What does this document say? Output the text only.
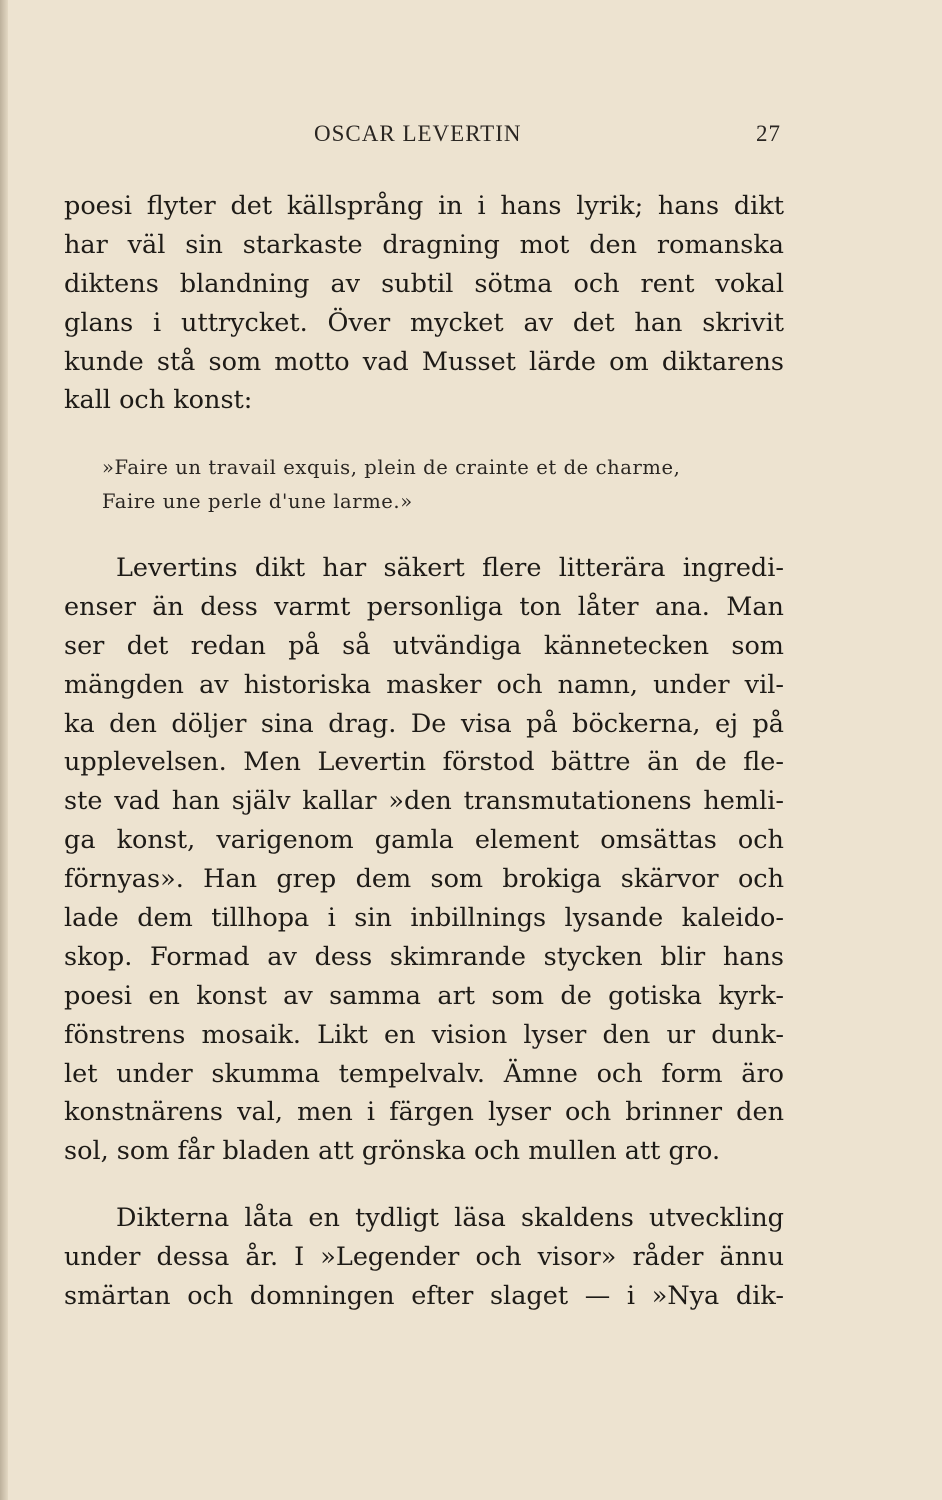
OSCAR LEVERTIN	27
poesi flyter det källsprång in i hans lyrik; hans dikt
har väl sin starkaste dragning mot den romanska
diktens blandning av subtil sötma och rent vokal
glans i uttrycket. Över mycket av det han skrivit
kunde stå som motto vad Musset lärde om diktarens
kall och konst:
»Faire un travail exquis, plein de crainte et de charme,
Faire une perle d'une larme.»
Levertins dikt har säkert flere litterära ingredi-
enser än dess varmt personliga ton låter ana. Man
ser det redan på så utvändiga kännetecken som
mängden av historiska masker och namn, under vil-
ka den döljer sina drag. De visa på böckerna, ej på
upplevelsen. Men Levertin förstod bättre än de fle-
ste vad han själv kallar »den transmutationens hemli-
ga konst, varigenom gamla element omsättas och
förnyas». Han grep dem som brokiga skärvor och
lade dem tillhopa i sin inbillnings lysande kaleido-
skop. Formad av dess skimrande stycken blir hans
poesi en konst av samma art som de gotiska kyrk-
fönstrens mosaik. Likt en vision lyser den ur dunk-
let under skumma tempelvalv. Ämne och form äro
konstnärens val, men i färgen lyser och brinner den
sol, som får bladen att grönska och mullen att gro.
Dikterna låta en tydligt läsa skaldens utveckling
under dessa år. I »Legender och visor» råder ännu
smärtan och domningen efter slaget — i »Nya dik-
